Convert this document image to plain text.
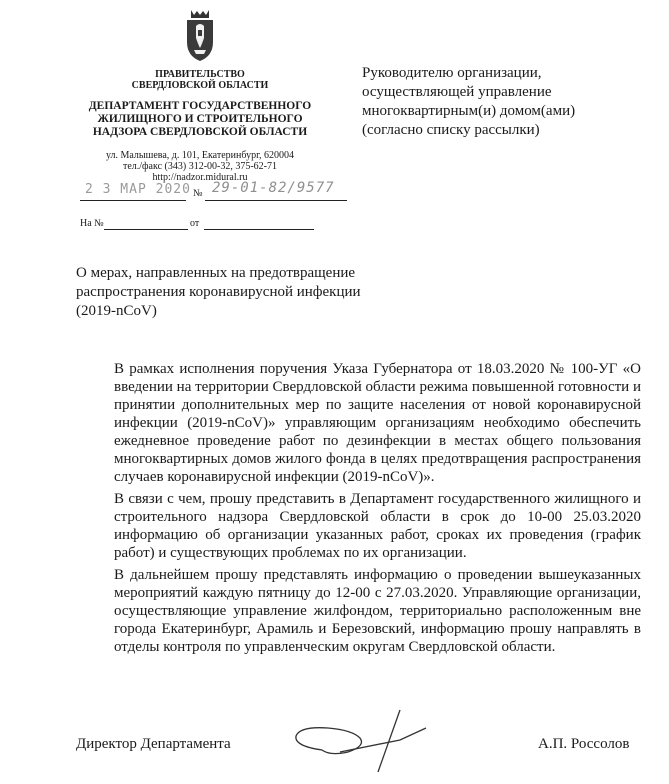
ПРАВИТЕЛЬСТВО
СВЕРДЛОВСКОЙ ОБЛАСТИ
ДЕПАРТАМЕНТ ГОСУДАРСТВЕННОГО
ЖИЛИЩНОГО И СТРОИТЕЛЬНОГО
НАДЗОРА СВЕРДЛОВСКОЙ ОБЛАСТИ
ул. Малышева, д. 101, Екатеринбург, 620004
тел./факс (343) 312-00-32, 375-62-71
http://nadzor.midural.ru
2 3 МАР 2020 № 29-01-82/9577
На №	от
Руководителю организации,
осуществляющей управление
многоквартирным(и) домом(ами)
(согласно списку рассылки)
О мерах, направленных на предотвращение
распространения коронавирусной инфекции
(2019-nCoV)

В рамках исполнения поручения Указа Губернатора от 18.03.2020 № 100-УГ «О введении на территории Свердловской области режима повышенной готовности и принятии дополнительных мер по защите населения от новой коронавирусной инфекции (2019-nCoV)» управляющим организациям необходимо обеспечить ежедневное проведение работ по дезинфекции в местах общего пользования многоквартирных домов жилого фонда в целях предотвращения распространения случаев коронавирусной инфекции (2019-nCoV)».

В связи с чем, прошу представить в Департамент государственного жилищного и строительного надзора Свердловской области в срок до 10-00 25.03.2020 информацию об организации указанных работ, сроках их проведения (график работ) и существующих проблемах по их организации.

В дальнейшем прошу представлять информацию о проведении вышеуказанных мероприятий каждую пятницу до 12-00 с 27.03.2020. Управляющие организации, осуществляющие управление жилфондом, территориально расположенным вне города Екатеринбург, Арамиль и Березовский, информацию прошу направлять в отделы контроля по управленческим округам Свердловской области.

Директор Департамента	А.П. Россолов
